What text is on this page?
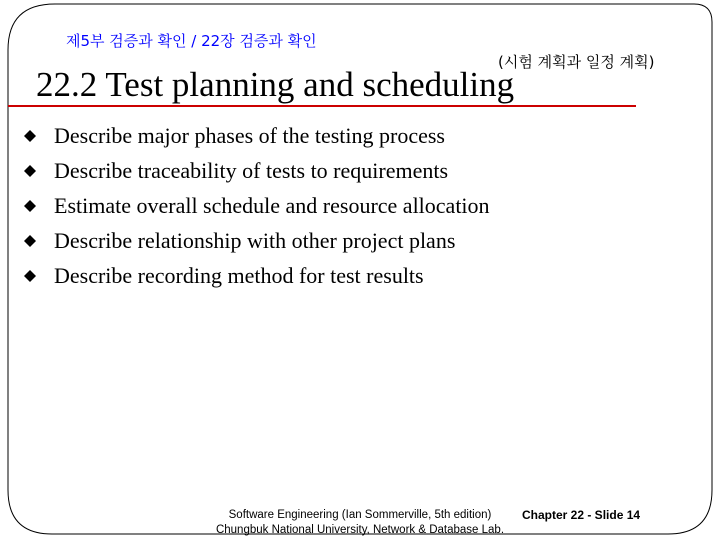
제5부 검증과 확인 / 22장 검증과 확인
(시험 계획과 일정 계획)
22.2 Test planning and scheduling
Describe major phases of the testing process
Describe traceability of tests to requirements
Estimate overall schedule and resource allocation
Describe relationship with other project plans
Describe recording method for test results
Software Engineering (Ian Sommerville, 5th edition)
Chungbuk National University, Network & Database Lab.
Chapter 22 - Slide 14
